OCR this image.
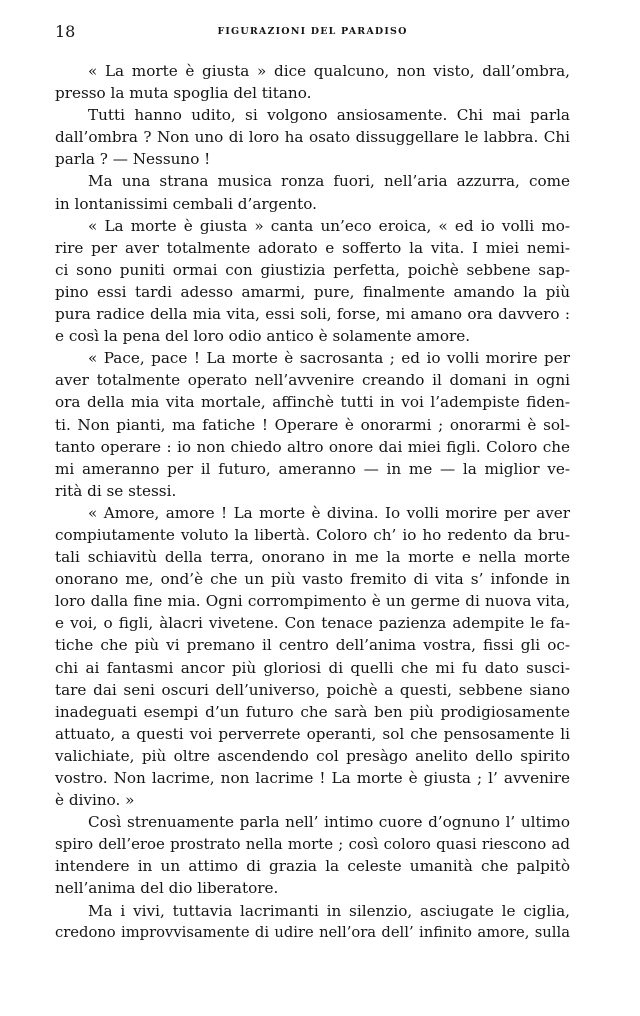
18	FIGURAZIONI DEL PARADISO
« La morte è giusta » dice qualcuno, non visto, dall’ombra,
presso la muta spoglia del titano.
Tutti hanno udito, si volgono ansiosamente. Chi mai parla
dall’ombra ? Non uno di loro ha osato dissuggellare le labbra. Chi
parla ? — Nessuno !
Ma una strana musica ronza fuori, nell’aria azzurra, come
in lontanissimi cembali d’argento.
« La morte è giusta » canta un’eco eroica, « ed io volli mo-
rire per aver totalmente adorato e sofferto la vita. I miei nemi-
ci sono puniti ormai con giustizia perfetta, poichè sebbene sap-
pino essi tardi adesso amarmi, pure, finalmente amando la più
pura radice della mia vita, essi soli, forse, mi amano ora davvero :
e così la pena del loro odio antico è solamente amore.
« Pace, pace ! La morte è sacrosanta ; ed io volli morire per
aver totalmente operato nell’avvenire creando il domani in ogni
ora della mia vita mortale, affinchè tutti in voi l’adempiste fiden-
ti. Non pianti, ma fatiche ! Operare è onorarmi ; onorarmi è sol-
tanto operare : io non chiedo altro onore dai miei figli. Coloro che
mi ameranno per il futuro, ameranno — in me — la miglior ve-
rità di se stessi.
« Amore, amore ! La morte è divina. Io volli morire per aver
compiutamente voluto la libertà. Coloro ch’ io ho redento da bru-
tali schiavitù della terra, onorano in me la morte e nella morte
onorano me, ond’è che un più vasto fremito di vita s’ infonde in
loro dalla fine mia. Ogni corrompimento è un germe di nuova vita,
e voi, o figli, àlacri vivetene. Con tenace pazienza adempite le fa-
tiche che più vi premano il centro dell’anima vostra, fissi gli oc-
chi ai fantasmi ancor più gloriosi di quelli che mi fu dato susci-
tare dai seni oscuri dell’universo, poichè a questi, sebbene siano
inadeguati esempi d’un futuro che sarà ben più prodigiosamente
attuato, a questi voi perverrete operanti, sol che pensosamente li
valichiate, più oltre ascendendo col presàgo anelito dello spirito
vostro. Non lacrime, non lacrime ! La morte è giusta ; l’ avvenire
è divino. »
Così strenuamente parla nell’ intimo cuore d’ognuno l’ ultimo
spiro dell’eroe prostrato nella morte ; così coloro quasi riescono ad
intendere in un attimo di grazia la celeste umanità che palpitò
nell’anima del dio liberatore.
Ma i vivi, tuttavia lacrimanti in silenzio, asciugate le ciglia,
credono improvvisamente di udire nell’ora dell’ infinito amore, sulla
